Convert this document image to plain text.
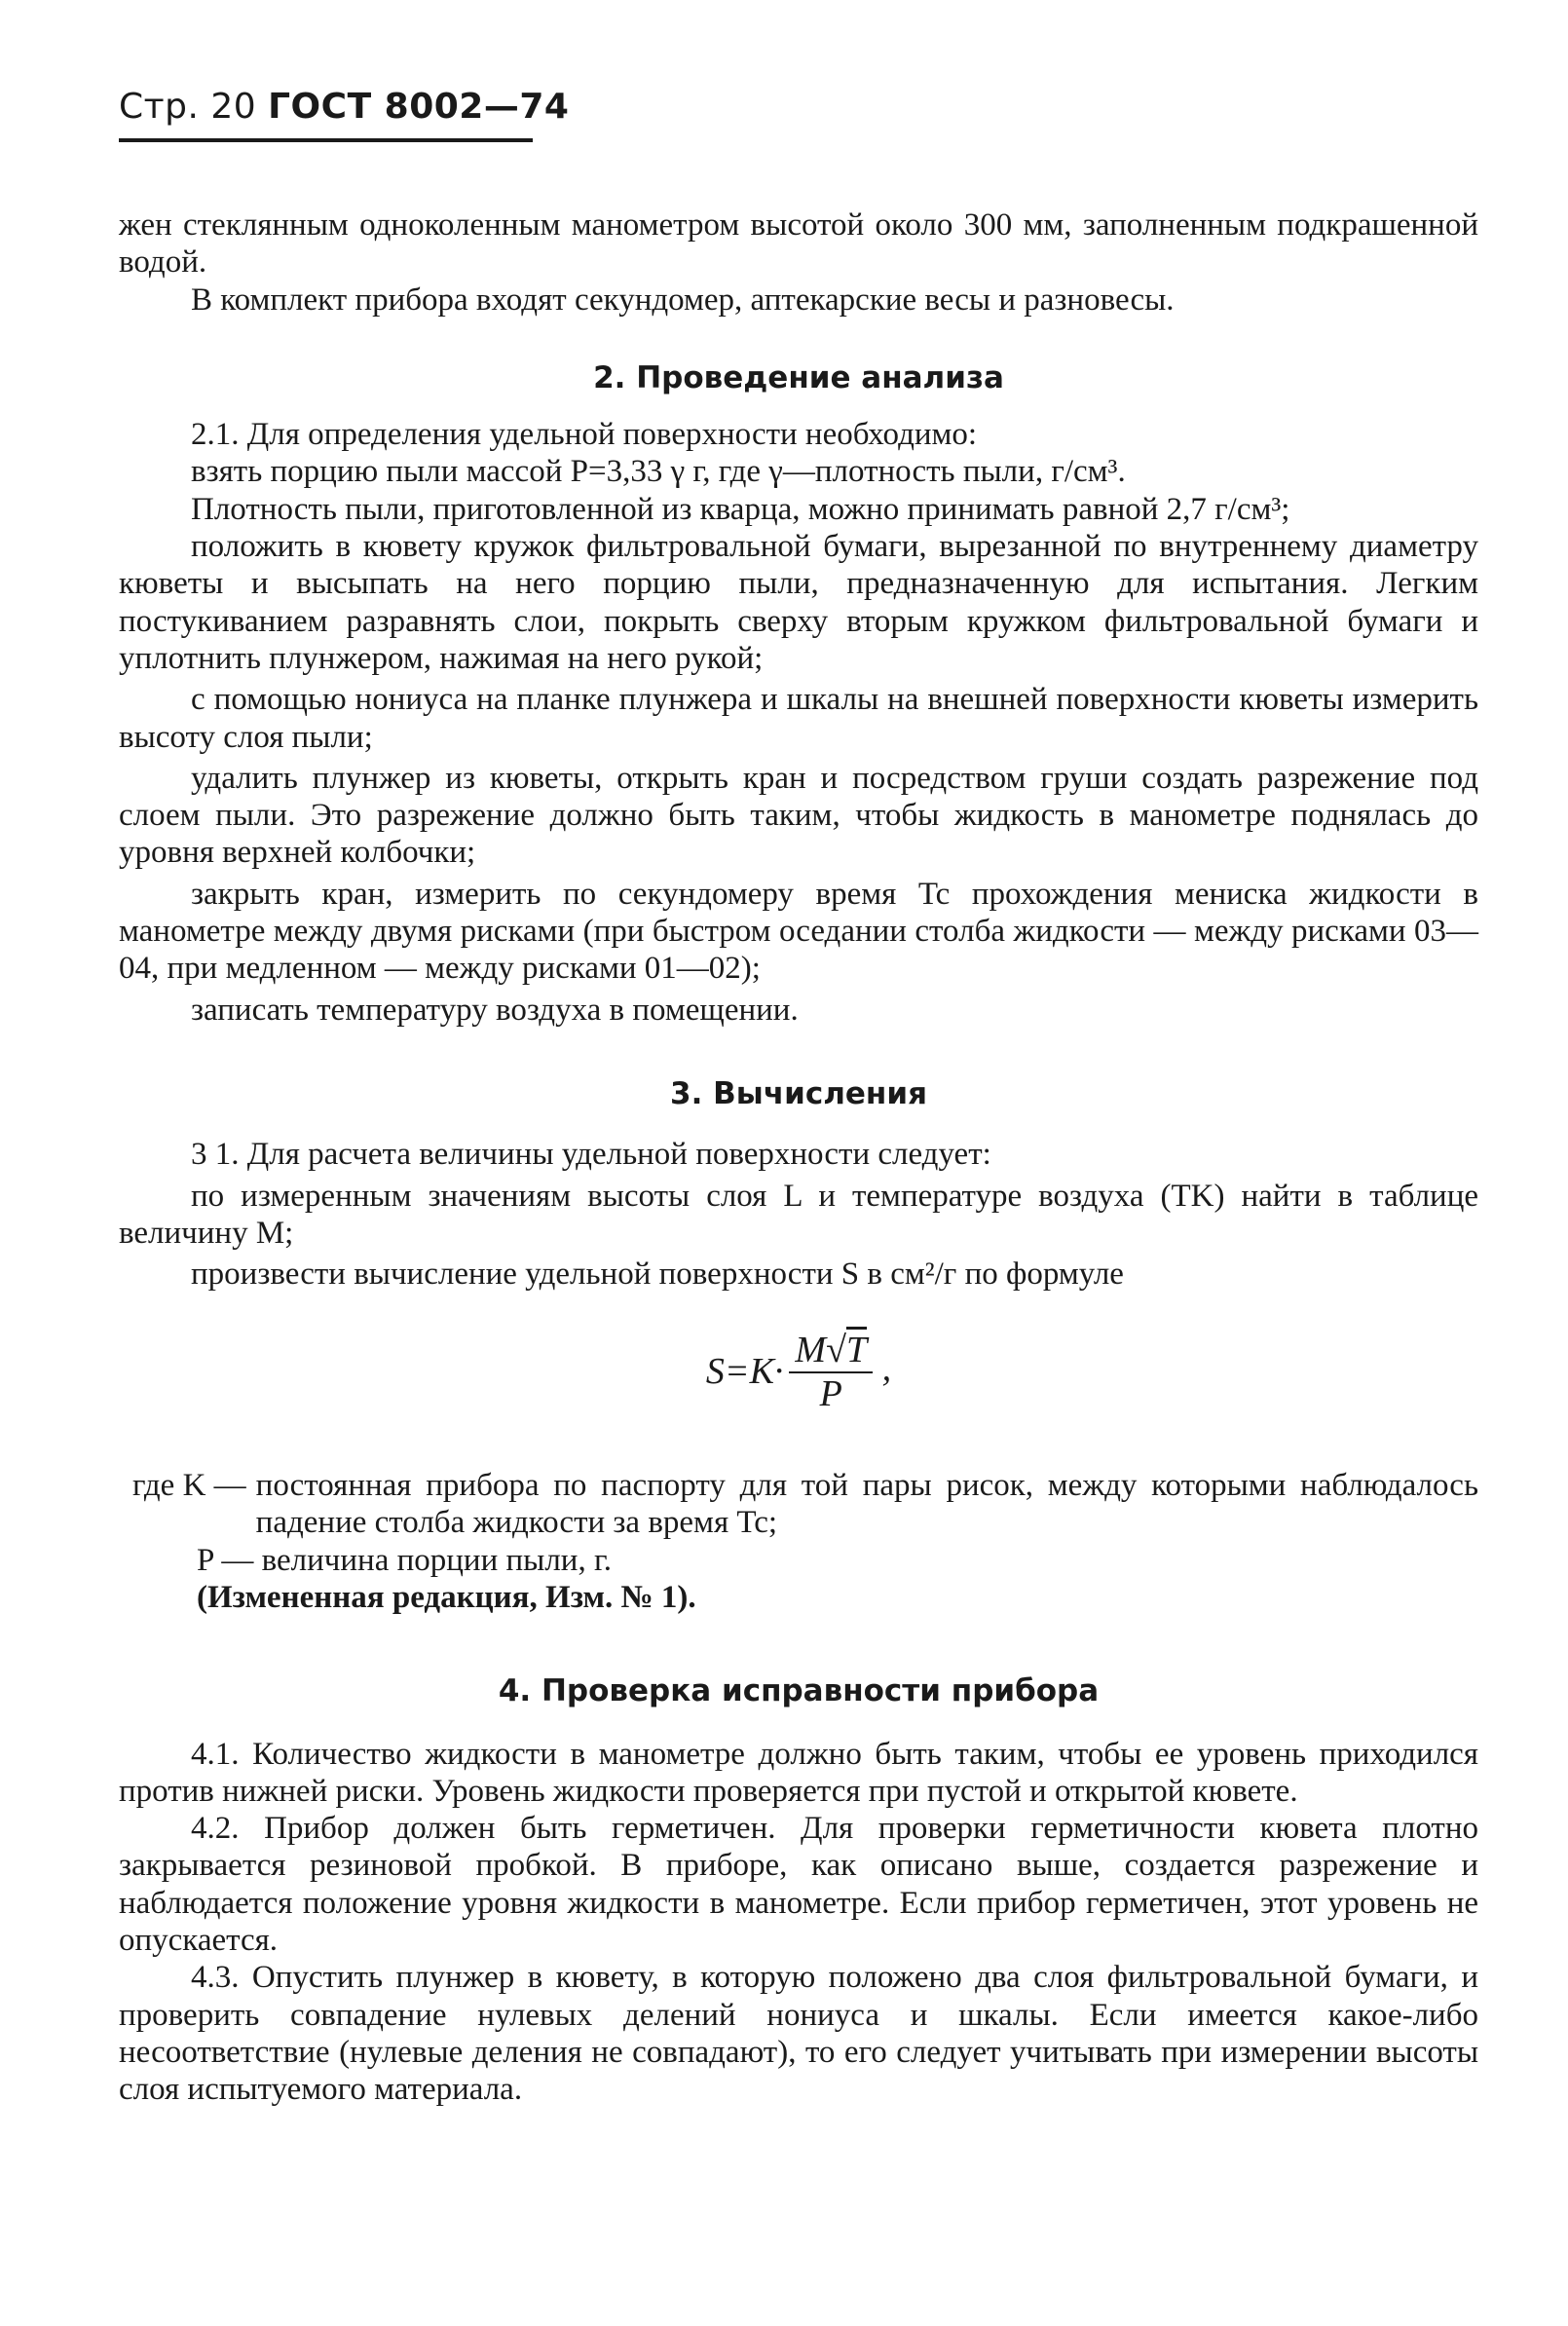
Стр. 20 ГОСТ 8002—74

жен стеклянным одноколенным манометром высотой около 300 мм, заполненным подкрашенной водой.

В комплект прибора входят секундомер, аптекарские весы и разновесы.

2. Проведение анализа

2.1. Для определения удельной поверхности необходимо:

взять порцию пыли массой P=3,33 γ г, где γ—плотность пыли, г/см³.

Плотность пыли, приготовленной из кварца, можно принимать равной 2,7 г/см³;

положить в кювету кружок фильтровальной бумаги, вырезанной по внутреннему диаметру кюветы и высыпать на него порцию пыли, предназначенную для испытания. Легким постукиванием разравнять слои, покрыть сверху вторым кружком фильтровальной бумаги и уплотнить плунжером, нажимая на него рукой;

с помощью нониуса на планке плунжера и шкалы на внешней поверхности кюветы измерить высоту слоя пыли;

удалить плунжер из кюветы, открыть кран и посредством груши создать разрежение под слоем пыли. Это разрежение должно быть таким, чтобы жидкость в манометре поднялась до уровня верхней колбочки;

закрыть кран, измерить по секундомеру время Tc прохождения мениска жидкости в манометре между двумя рисками (при быстром оседании столба жидкости — между рисками 03—04, при медленном — между рисками 01—02);

записать температуру воздуха в помещении.

3. Вычисления

3 1. Для расчета величины удельной поверхности следует:

по измеренным значениям высоты слоя L и температуре воздуха (TK) найти в таблице величину M;

произвести вычисление удельной поверхности S в см²/г по формуле

$S=K\cdot \frac{M√T}{P}$ ,
где K — постоянная прибора по паспорту для той пары рисок, между которыми наблюдалось падение столба жидкости за время Tc;
P — величина порции пыли, г.
(Измененная редакция, Изм. № 1).
4. Проверка исправности прибора

4.1. Количество жидкости в манометре должно быть таким, чтобы ее уровень приходился против нижней риски. Уровень жидкости проверяется при пустой и открытой кювете.

4.2. Прибор должен быть герметичен. Для проверки герметичности кювета плотно закрывается резиновой пробкой. В приборе, как описано выше, создается разрежение и наблюдается положение уровня жидкости в манометре. Если прибор герметичен, этот уровень не опускается.

4.3. Опустить плунжер в кювету, в которую положено два слоя фильтровальной бумаги, и проверить совпадение нулевых делений нониуса и шкалы. Если имеется какое-либо несоответствие (нулевые деления не совпадают), то его следует учитывать при измерении высоты слоя испытуемого материала.
